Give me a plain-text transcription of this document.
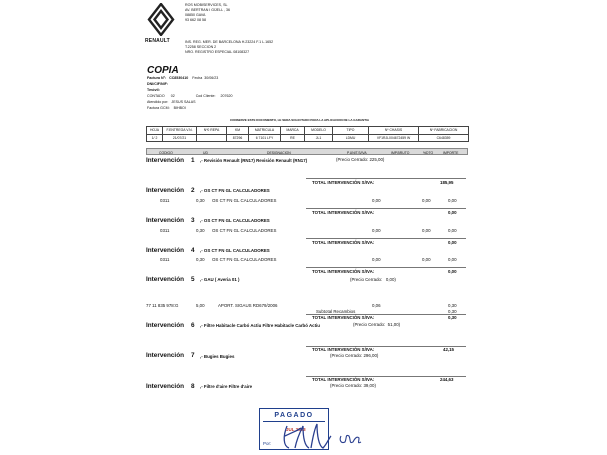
RENAULT
ROS MOBISERVICES, SL
AV. BERTRAN I GÜELL , 36
08850 GAVA
93 662 08 58
INS. REG. MER. DE BARCELONA H.23224 F.1 L.1652
T.2258 SECCION 2
NRO. REGISTRO ESPECIAL 08108327
COPIA
Factura Nº: CC8530410 Fecha 30/06/23
DNI/CIF/NIF:
Tmóvil:
CONTADO 02	Cod Cliente: 207620
Atendido por: JESUS SALAS
Factura GCM: BIHBOI
CONSERVE ESTE DOCUMENTO, LE SERA SOLICITADO PARA LA APLICACION DE LA GARANTIA
HOJA	F.ENTREGA V.N.	Nº0 REPA	KM	MATRICULA	MARCA	MODELO	TIPO	Nº CHASIS	Nº FABRICACION
1/ 2	21/07/21		87296	6 7101 LFY	RE	JL1	LDMU	VF1RJL004672459 W	C648359
CODIGO	UD	DESIGNACION	P.UNIT.S/IVA	IMP.BRUTO	%DTO	IMPORTE
Intervención 1 ,- Revisión Renault (RN17) Revisión Renault (RN17)	(Precio Cerrado: 225,00)
TOTAL INTERVENCIÓN S/IVA:	185,95
Intervención 2 ,- OS CT FN GL CALCULADORES
0311	0,30 OS CT FN GL CALCULADORES	0,00	0,00	0,00
TOTAL INTERVENCIÓN S/IVA:	0,00
Intervención 3 ,- OS CT FN GL CALCULADORES
0311	0,30 OS CT FN GL CALCULADORES	0,00	0,00	0,00
TOTAL INTERVENCIÓN S/IVA:	0,00
Intervención 4 ,- OS CT FN GL CALCULADORES
0311	0,30 OS CT FN GL CALCULADORES	0,00	0,00	0,00
TOTAL INTERVENCIÓN S/IVA:	0,00
Intervención 5 ,- GAU ( Averia 01 )	(Precio Cerrado: 0,00)
77 11 835 978:G	5,00	APORT. SIGAUS RD679/2006	0,06	0,30
Subtotal Recambios	0,30
TOTAL INTERVENCIÓN S/IVA:	0,30
Intervención 6 ,- Filtre Habitacle Carbó Actiu Filtre Habitacle Carbó Actiu	(Precio Cerrado: 51,00)
TOTAL INTERVENCIÓN S/IVA:	42,15
(Precio Cerrado: 296,00)
Intervención 7 ,- Bugies Bugies
TOTAL INTERVENCIÓN S/IVA:	244,63
(Precio Cerrado: 39,00)
Intervención 8 ,- Filtre d'aire Filtre d'aire
PAGADO
JUL 2023
Por:
